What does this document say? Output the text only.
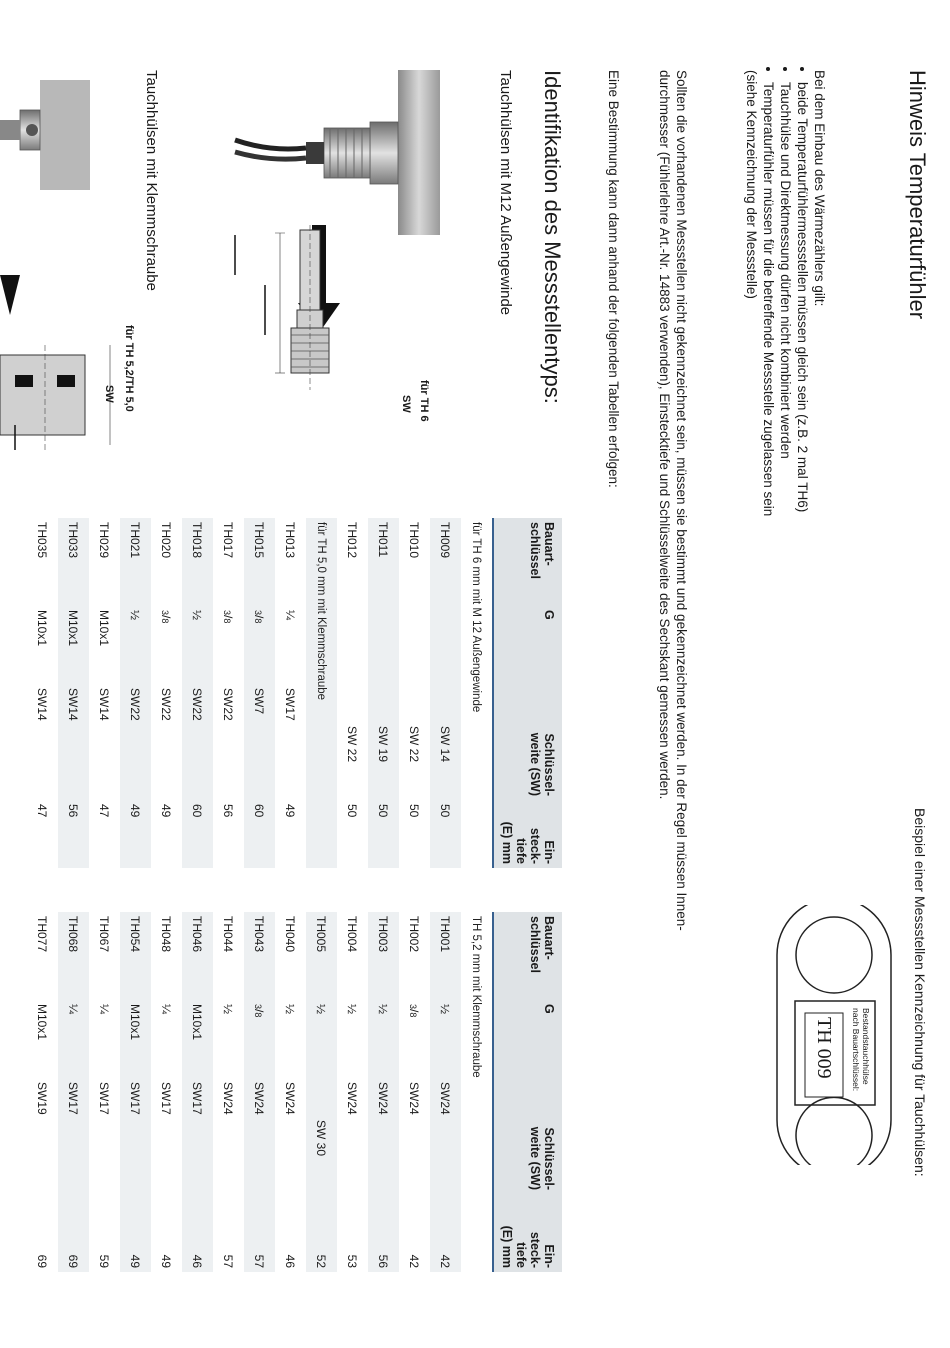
Hinweis Temperaturfühler
Beispiel einer Messstellen Kennzeichnung für Tauchhülsen:
Bestandstauchhülse
nach Bauartschlüssel:
TH 009
Bei dem Einbau des Wärmezählers gilt:
• beide Temperaturfühlermessstellen müssen gleich sein (z.B. 2 mal TH6)
• Tauchhülse und Direktmessung dürfen nicht kombiniert werden
• Temperaturfühler müssen für die betreffende Messstelle zugelassen sein
(siehe Kennzeichnung der Messstelle)
Sollten die vorhandenen Messstellen nicht gekennzeichnet sein, müssen sie bestimmt und gekennzeichnet werden. In der Regel müssen Innen-
durchmesser (Fühlerlehre Art.-Nr. 14883 verwenden), Einstecktiefe und Schlüsselweite des Sechskant gemessen werden.
Eine Bestimmung kann dann anhand der folgenden Tabellen erfolgen:
Identifikation des Messstellentyps:
Tauchhülsen mit M12 Außengewinde
Tauchhülsen mit Klemmschraube
für TH 6
SW
für TH 5,2/TH 5,0
SW
Bauart-
schlüssel	G	Schlüssel-
weite (SW)	Ein-
steck-
tiefe
(E) mm
für TH 6 mm mit M 12 Außengewinde			
TH009		SW 14	50
TH010		SW 22	50
TH011		SW 19	50
TH012		SW 22	50
für TH 5,0 mm mit Klemmschraube			
TH013	¼	SW17	49
TH015	3/8	SW7	60
TH017	3/8	SW22	56
TH018	½	SW22	60
TH020	3/8	SW22	49
TH021	½	SW22	49
TH029	M10x1	SW14	47
TH033	M10x1	SW14	56
TH035	M10x1	SW14	47
Bauart-
schlüssel	G	Schlüssel-
weite (SW)	Ein-
steck-
tiefe
(E) mm
TH 5,2 mm mit Klemmschraube			
TH001	½	SW24	42
TH002	3/8	SW24	42
TH003	½	SW24	56
TH004	½	SW24	53
TH005	½	SW 30	52
TH040	½	SW24	46
TH043	3/8	SW24	57
TH044	½	SW24	57
TH046	M10x1	SW17	46
TH048	¼	SW17	49
TH054	M10x1	SW17	49
TH067	¼	SW17	59
TH068	¼	SW17	69
TH077	M10x1	SW19	69
